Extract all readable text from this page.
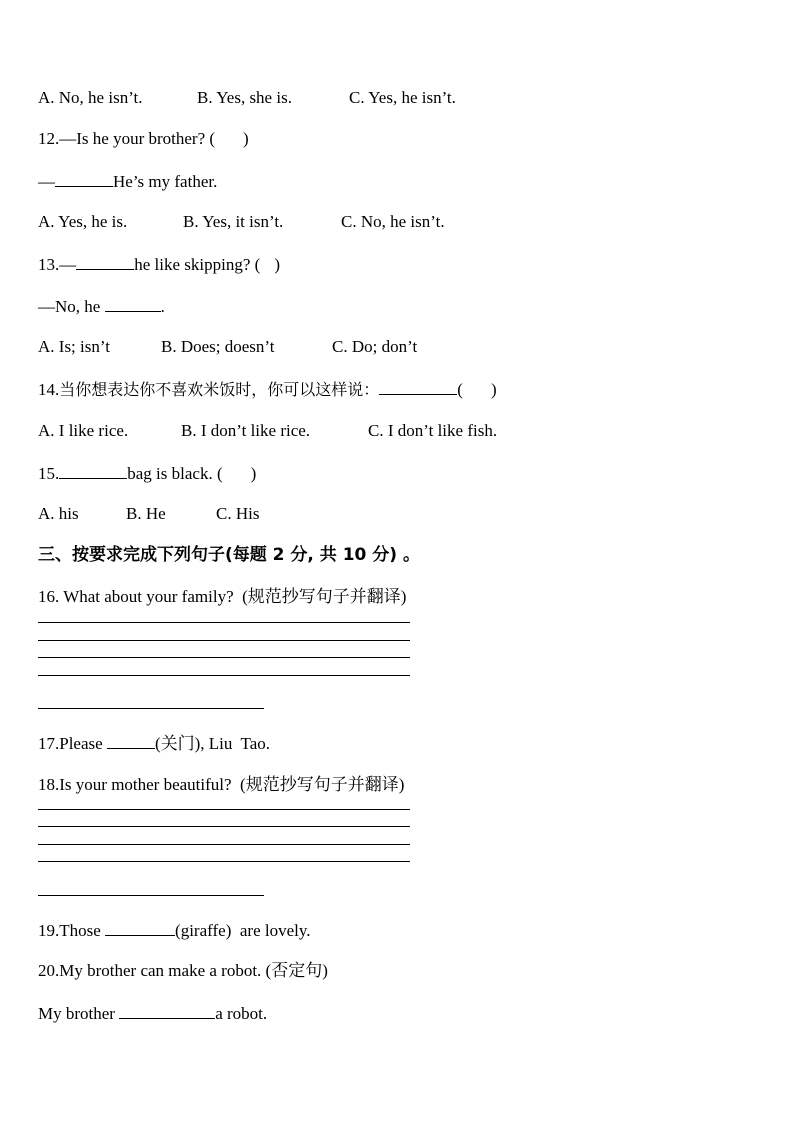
A. No, he isn’t.

	B. Yes, she is.

	C. Yes, he isn’t.

12.—Is he your brother? ( )
—	He’s my father.

A. Yes, he is.

	B. Yes, it isn’t.

	C. No, he isn’t.

13.—	he like skipping? ( )
—No, he	.

A. Is; isn’t

	B. Does; doesn’t

	C. Do; don’t

14.当你想表达你不喜欢米饭时，你可以这样说：	( )

A. I like rice.

	B. I don’t like rice.

	C. I don’t like fish.

15.	bag is black. ( )

A. his

	B. He

	C. His

三、按要求完成下列句子(每题 2 分, 共 10 分) 。
16. What about your family?  (规范抄写句子并翻译)
17.Please	(关门), Liu  Tao.
18.Is your mother beautiful?  (规范抄写句子并翻译)
19.Those	(giraffe)  are lovely.
20.My brother can make a robot. (否定句)
My brother	a robot.
